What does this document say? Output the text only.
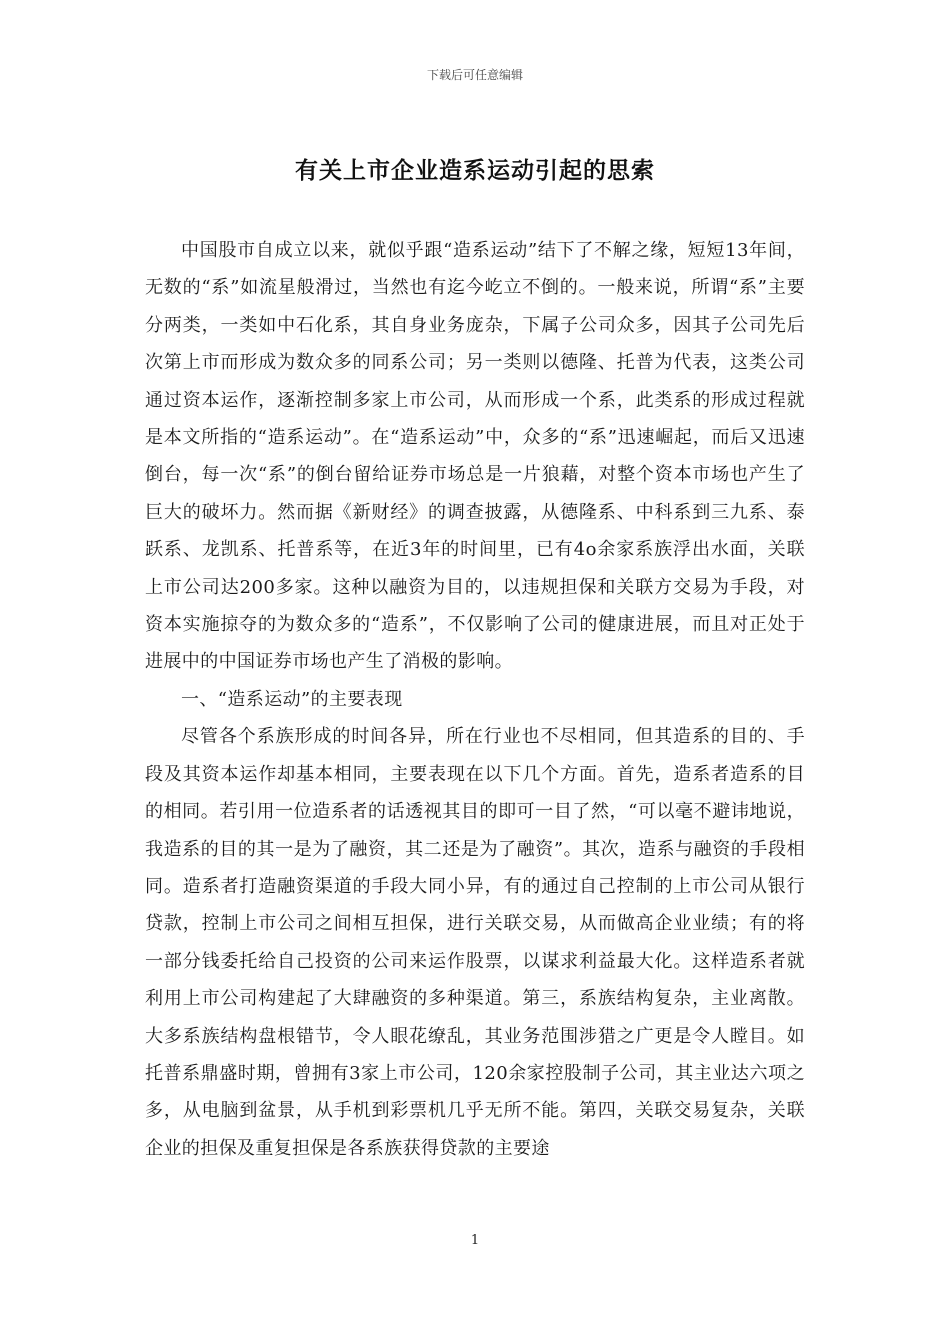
下载后可任意编辑
有关上市企业造系运动引起的思索

中国股市自成立以来，就似乎跟“造系运动”结下了不解之缘，短短13年间，无数的“系”如流星般滑过，当然也有迄今屹立不倒的。一般来说，所谓“系”主要分两类，一类如中石化系，其自身业务庞杂，下属子公司众多，因其子公司先后次第上市而形成为数众多的同系公司；另一类则以德隆、托普为代表，这类公司通过资本运作，逐渐控制多家上市公司，从而形成一个系，此类系的形成过程就是本文所指的“造系运动”。在“造系运动”中，众多的“系”迅速崛起，而后又迅速倒台，每一次“系”的倒台留给证券市场总是一片狼藉，对整个资本市场也产生了巨大的破坏力。然而据《新财经》的调查披露，从德隆系、中科系到三九系、泰跃系、龙凯系、托普系等，在近3年的时间里，已有4o余家系族浮出水面，关联上市公司达200多家。这种以融资为目的，以违规担保和关联方交易为手段，对资本实施掠夺的为数众多的“造系”，不仅影响了公司的健康进展，而且对正处于进展中的中国证券市场也产生了消极的影响。

一、“造系运动”的主要表现

尽管各个系族形成的时间各异，所在行业也不尽相同，但其造系的目的、手段及其资本运作却基本相同，主要表现在以下几个方面。首先，造系者造系的目的相同。若引用一位造系者的话透视其目的即可一目了然，“可以毫不避讳地说，我造系的目的其一是为了融资，其二还是为了融资”。其次，造系与融资的手段相同。造系者打造融资渠道的手段大同小异，有的通过自己控制的上市公司从银行贷款，控制上市公司之间相互担保，进行关联交易，从而做高企业业绩；有的将一部分钱委托给自己投资的公司来运作股票，以谋求利益最大化。这样造系者就利用上市公司构建起了大肆融资的多种渠道。第三，系族结构复杂，主业离散。大多系族结构盘根错节，令人眼花缭乱，其业务范围涉猎之广更是令人瞠目。如托普系鼎盛时期，曾拥有3家上市公司，120余家控股制子公司，其主业达六项之多，从电脑到盆景，从手机到彩票机几乎无所不能。第四，关联交易复杂，关联企业的担保及重复担保是各系族获得贷款的主要途

1
